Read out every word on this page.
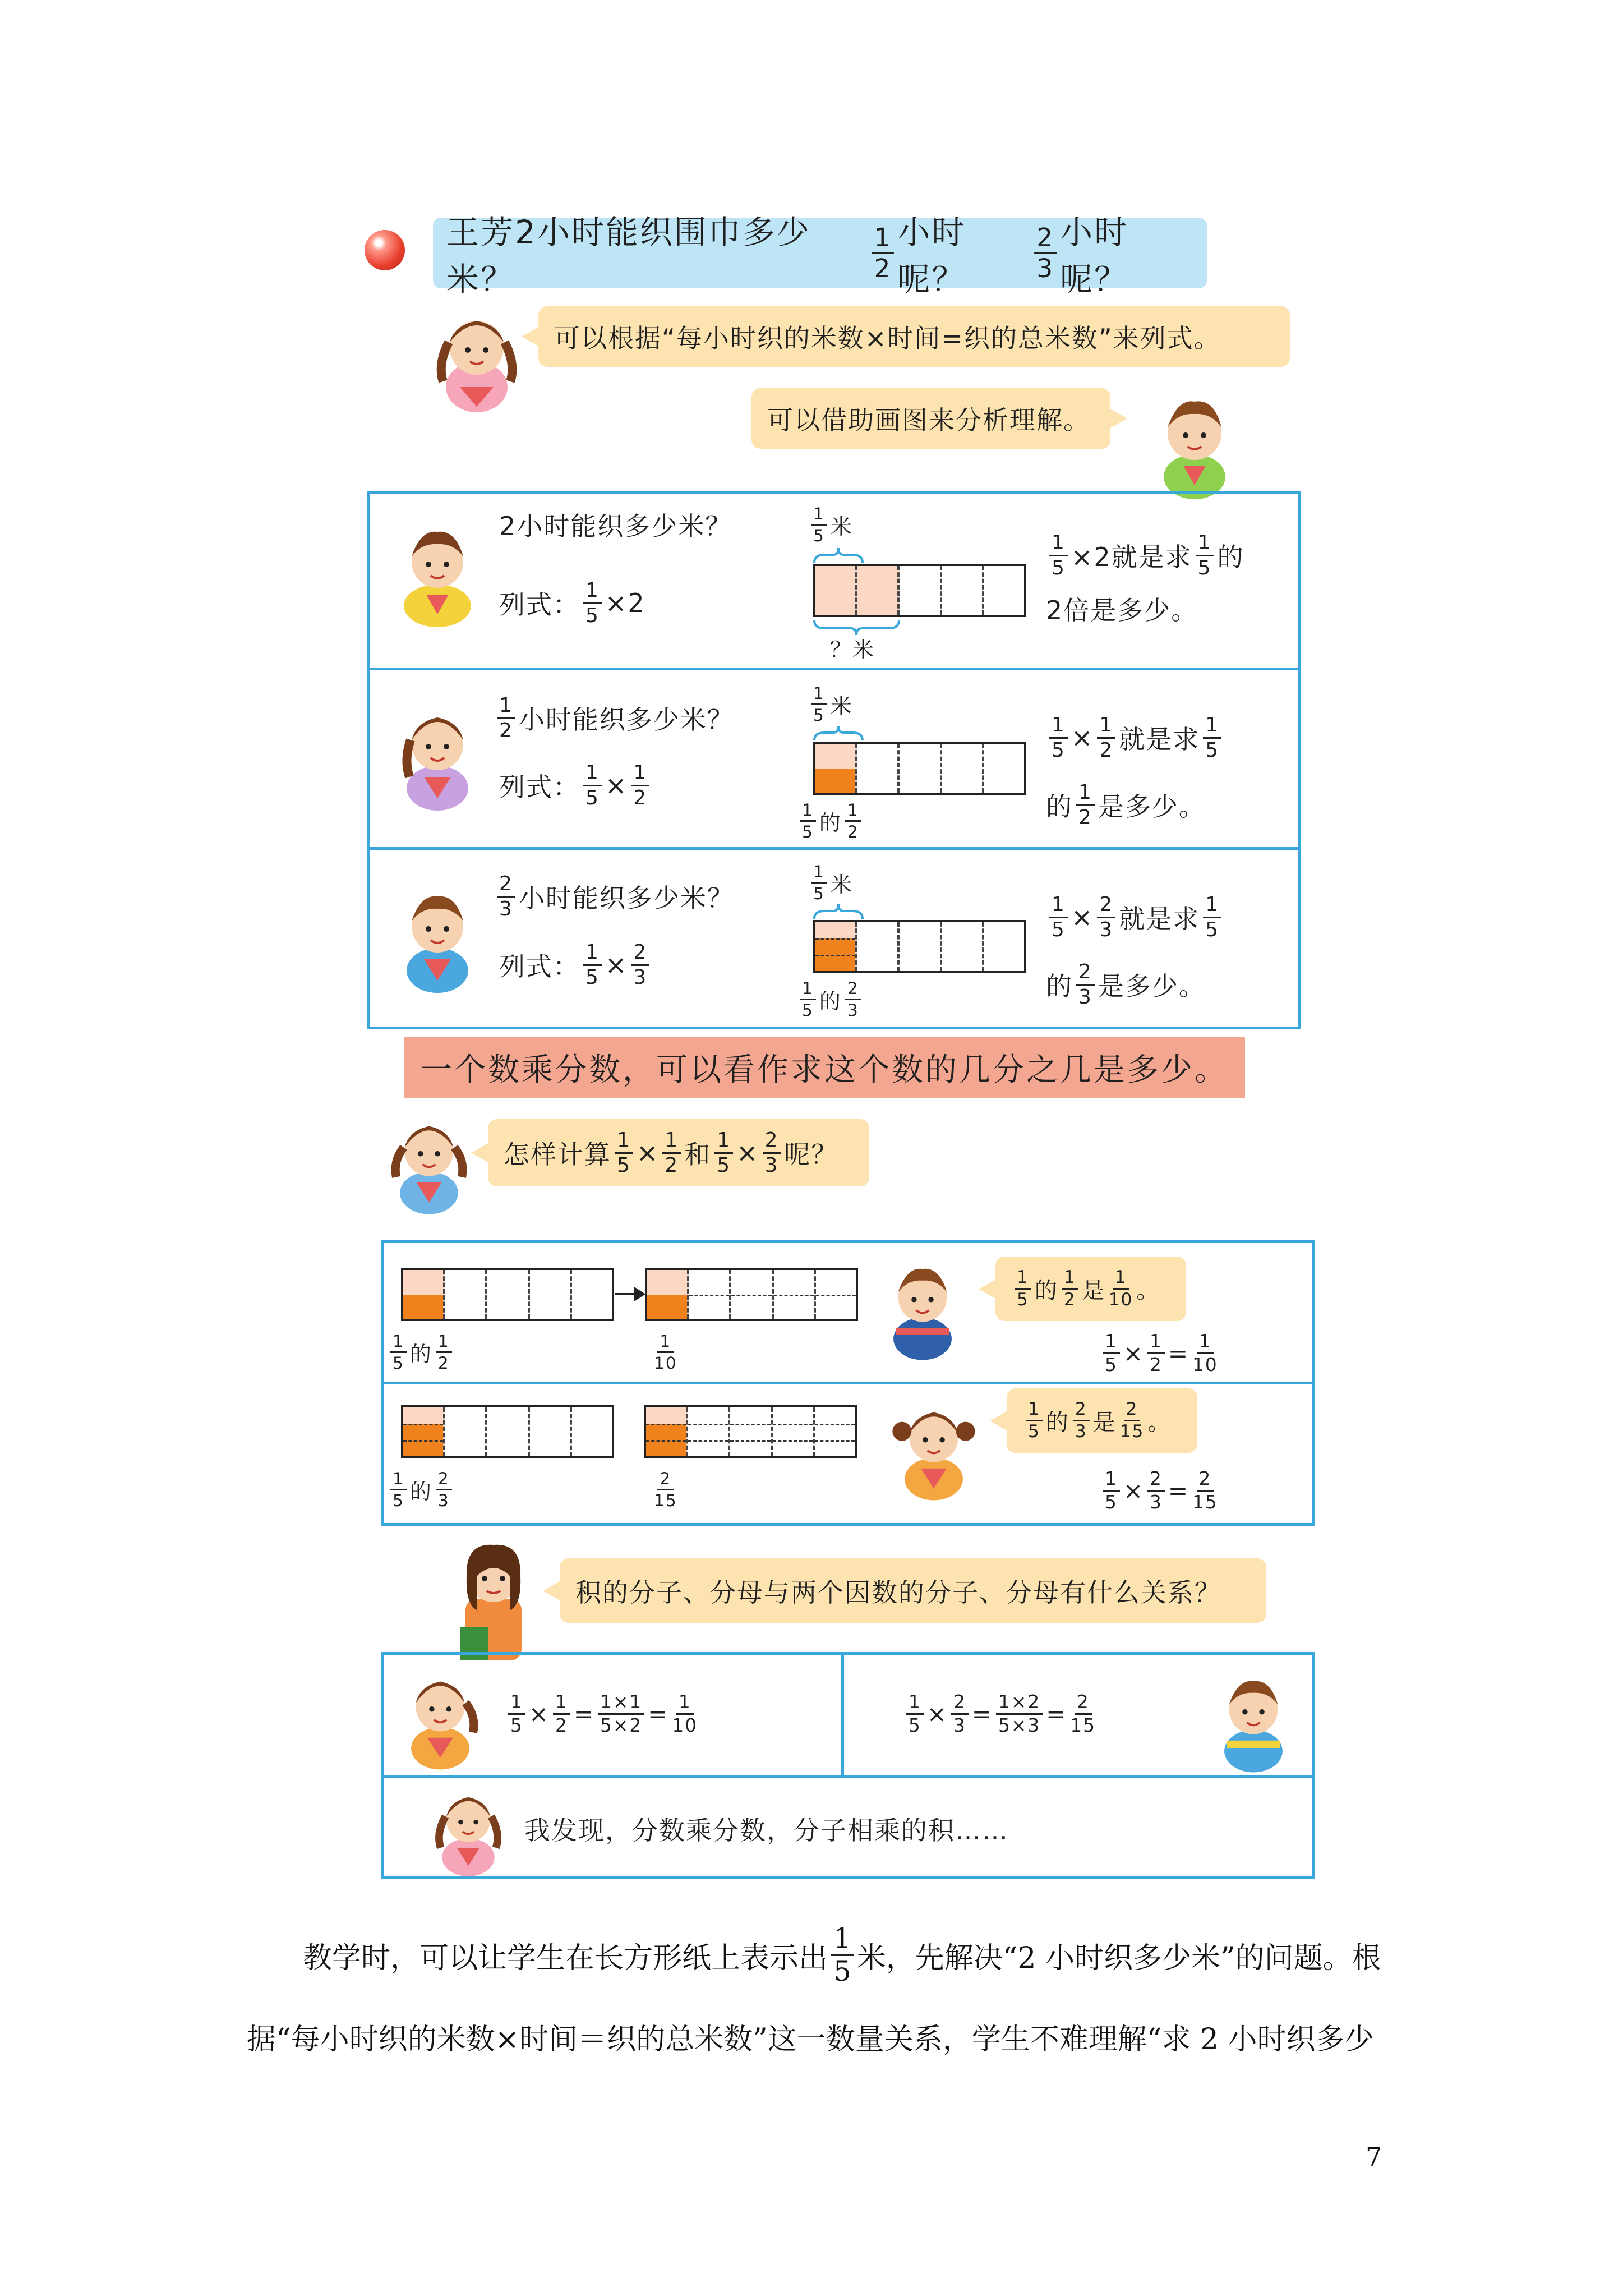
王芳2小时能织围巾多少米？	$\frac{1}{2}$ 小时呢？	$\frac{2}{3}$ 小时呢？
可以根据“每小时织的米数×时间=织的总米数”来列式。
可以借助画图来分析理解。
2小时能织多少米？
列式： $\frac{1}{5} \times 2$
$\frac{1}{5}$ 米
？米
$\frac{1}{5} \times 2$就是求 $\frac{1}{5}$ 的
2倍是多少。
$\frac{1}{2}$ 小时能织多少米？
列式： $\frac{1}{5} \times \frac{1}{2}$
$\frac{1}{5}$ 米
$\frac{1}{5}$ 的 $\frac{1}{2}$
$\frac{1}{5} \times \frac{1}{2}$ 就是求 $\frac{1}{5}$
的 $\frac{1}{2}$ 是多少。
$\frac{2}{3}$ 小时能织多少米？
列式： $\frac{1}{5} \times \frac{2}{3}$
$\frac{1}{5}$ 米
$\frac{1}{5}$ 的 $\frac{2}{3}$
$\frac{1}{5} \times \frac{2}{3}$ 就是求 $\frac{1}{5}$
的 $\frac{2}{3}$ 是多少。
一个数乘分数，可以看作求这个数的几分之几是多少。
怎样计算 $\frac{1}{5} \times \frac{1}{2}$ 和 $\frac{1}{5} \times \frac{2}{3}$ 呢？
$\frac{1}{5}$ 的 $\frac{1}{2}$	$\frac{1}{10}$
$\frac{1}{5}$ 的 $\frac{1}{2}$ 是 $\frac{1}{10}$ 。
$\frac{1}{5} \times \frac{1}{2} = \frac{1}{10}$
$\frac{1}{5}$ 的 $\frac{2}{3}$	$\frac{2}{15}$
$\frac{1}{5}$ 的 $\frac{2}{3}$ 是 $\frac{2}{15}$ 。
$\frac{1}{5} \times \frac{2}{3} = \frac{2}{15}$
积的分子、分母与两个因数的分子、分母有什么关系？
$\frac{1}{5} \times \frac{1}{2} = \frac{1\times 1}{5\times 2} = \frac{1}{10}$	$\frac{1}{5} \times \frac{2}{3} = \frac{1\times 2}{5\times 3} = \frac{2}{15}$
我发现，分数乘分数，分子相乘的积……
教学时，可以让学生在长方形纸上表示出 $\frac{1}{5}$ 米，先解决“2 小时织多少米”的问题。根
据“每小时织的米数×时间＝织的总米数”这一数量关系，学生不难理解“求 2 小时织多少
7
